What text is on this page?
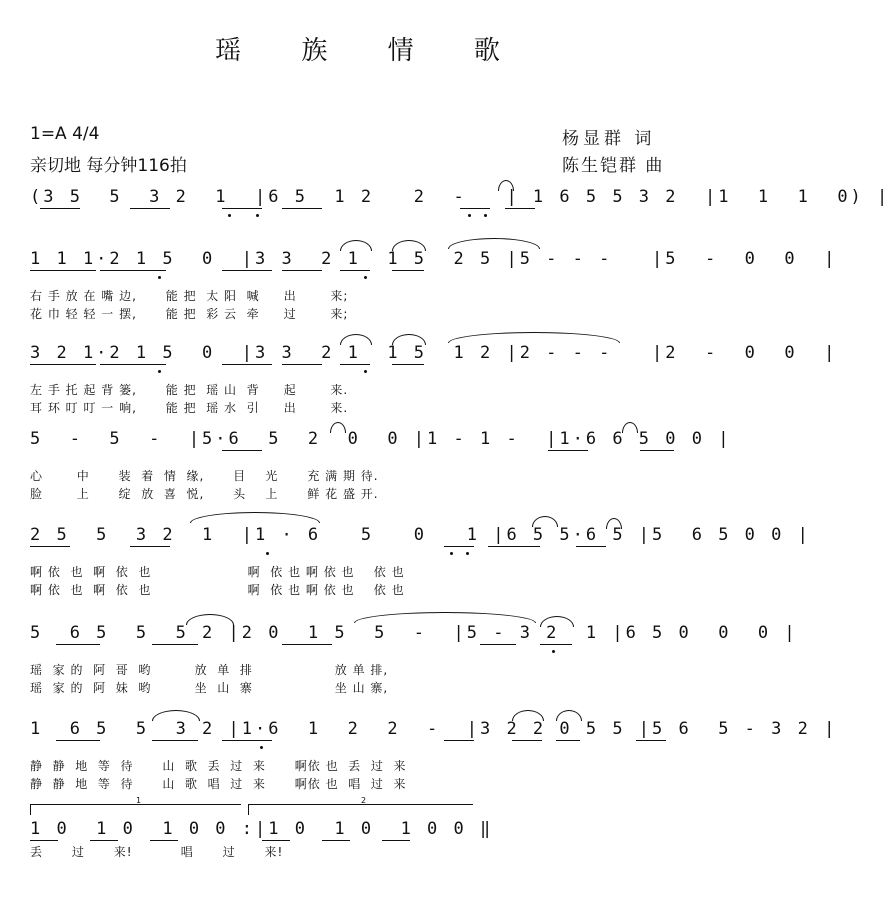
瑶 族 情 歌
1=A 4/4
亲切地 每分钟116拍
杨显群 词
陈生铠群 曲
(3 5  5  3 2  1  |6 5  1 2   2  -   | 1 6 5 5 3 2  |1  1  1  0) |
1 1 1·2 1 5  0  |3 3  2 1  1 5  2 5 |5 - - -   |5  -  0  0  |
右 手 放 在 嘴 边,      能 把  太 阳  喊     出       来;
花 巾 轻 轻 一 摆,      能 把  彩 云  牵     过       来;
3 2 1·2 1 5  0  |3 3  2 1  1 5  1 2 |2 - - -   |2  -  0  0  |
左 手 托 起 背 篓,      能 把  瑶 山  背     起       来.
耳 环 叮 叮 一 响,      能 把  瑶 水  引     出       来.
5  -  5  -  |5·6  5  2  0  0 |1 - 1 -  |1·6 6 5 0 0 |
心       中      装  着  情  缘,      目    光      充 满 期 待.
脸       上      绽  放  喜  悦,      头    上      鲜 花 盛 开.
2 5  5  3 2  1  |1 · 6   5   0   1 |6 5 5·6 5 |5  6 5 0 0 |
啊 依  也  啊  依  也                    啊  依 也 啊 依 也    依 也
啊 依  也  啊  依  也                    啊  依 也 啊 依 也    依 也
5  6 5  5  5 2 |2 0  1 5  5  -  |5 - 3 2  1 |6 5 0  0  0 |
瑶  家 的  阿  哥  哟         放  单  排                 放 单 排,
瑶  家 的  阿  妹  哟         坐  山  寨                 坐 山 寨,
1  6 5  5  3 2 |1·6  1  2  2  -  |3 2 2 0 5 5 |5 6  5 - 3 2 |
静  静  地  等  待      山  歌  丢  过  来      啊依 也  丢  过  来
静  静  地  等  待      山  歌  唱  过  来      啊依 也  唱  过  来
1	2
1 0  1 0  1 0 0 :|1 0  1 0  1 0 0 ‖
丢      过      来!          唱      过      来!
